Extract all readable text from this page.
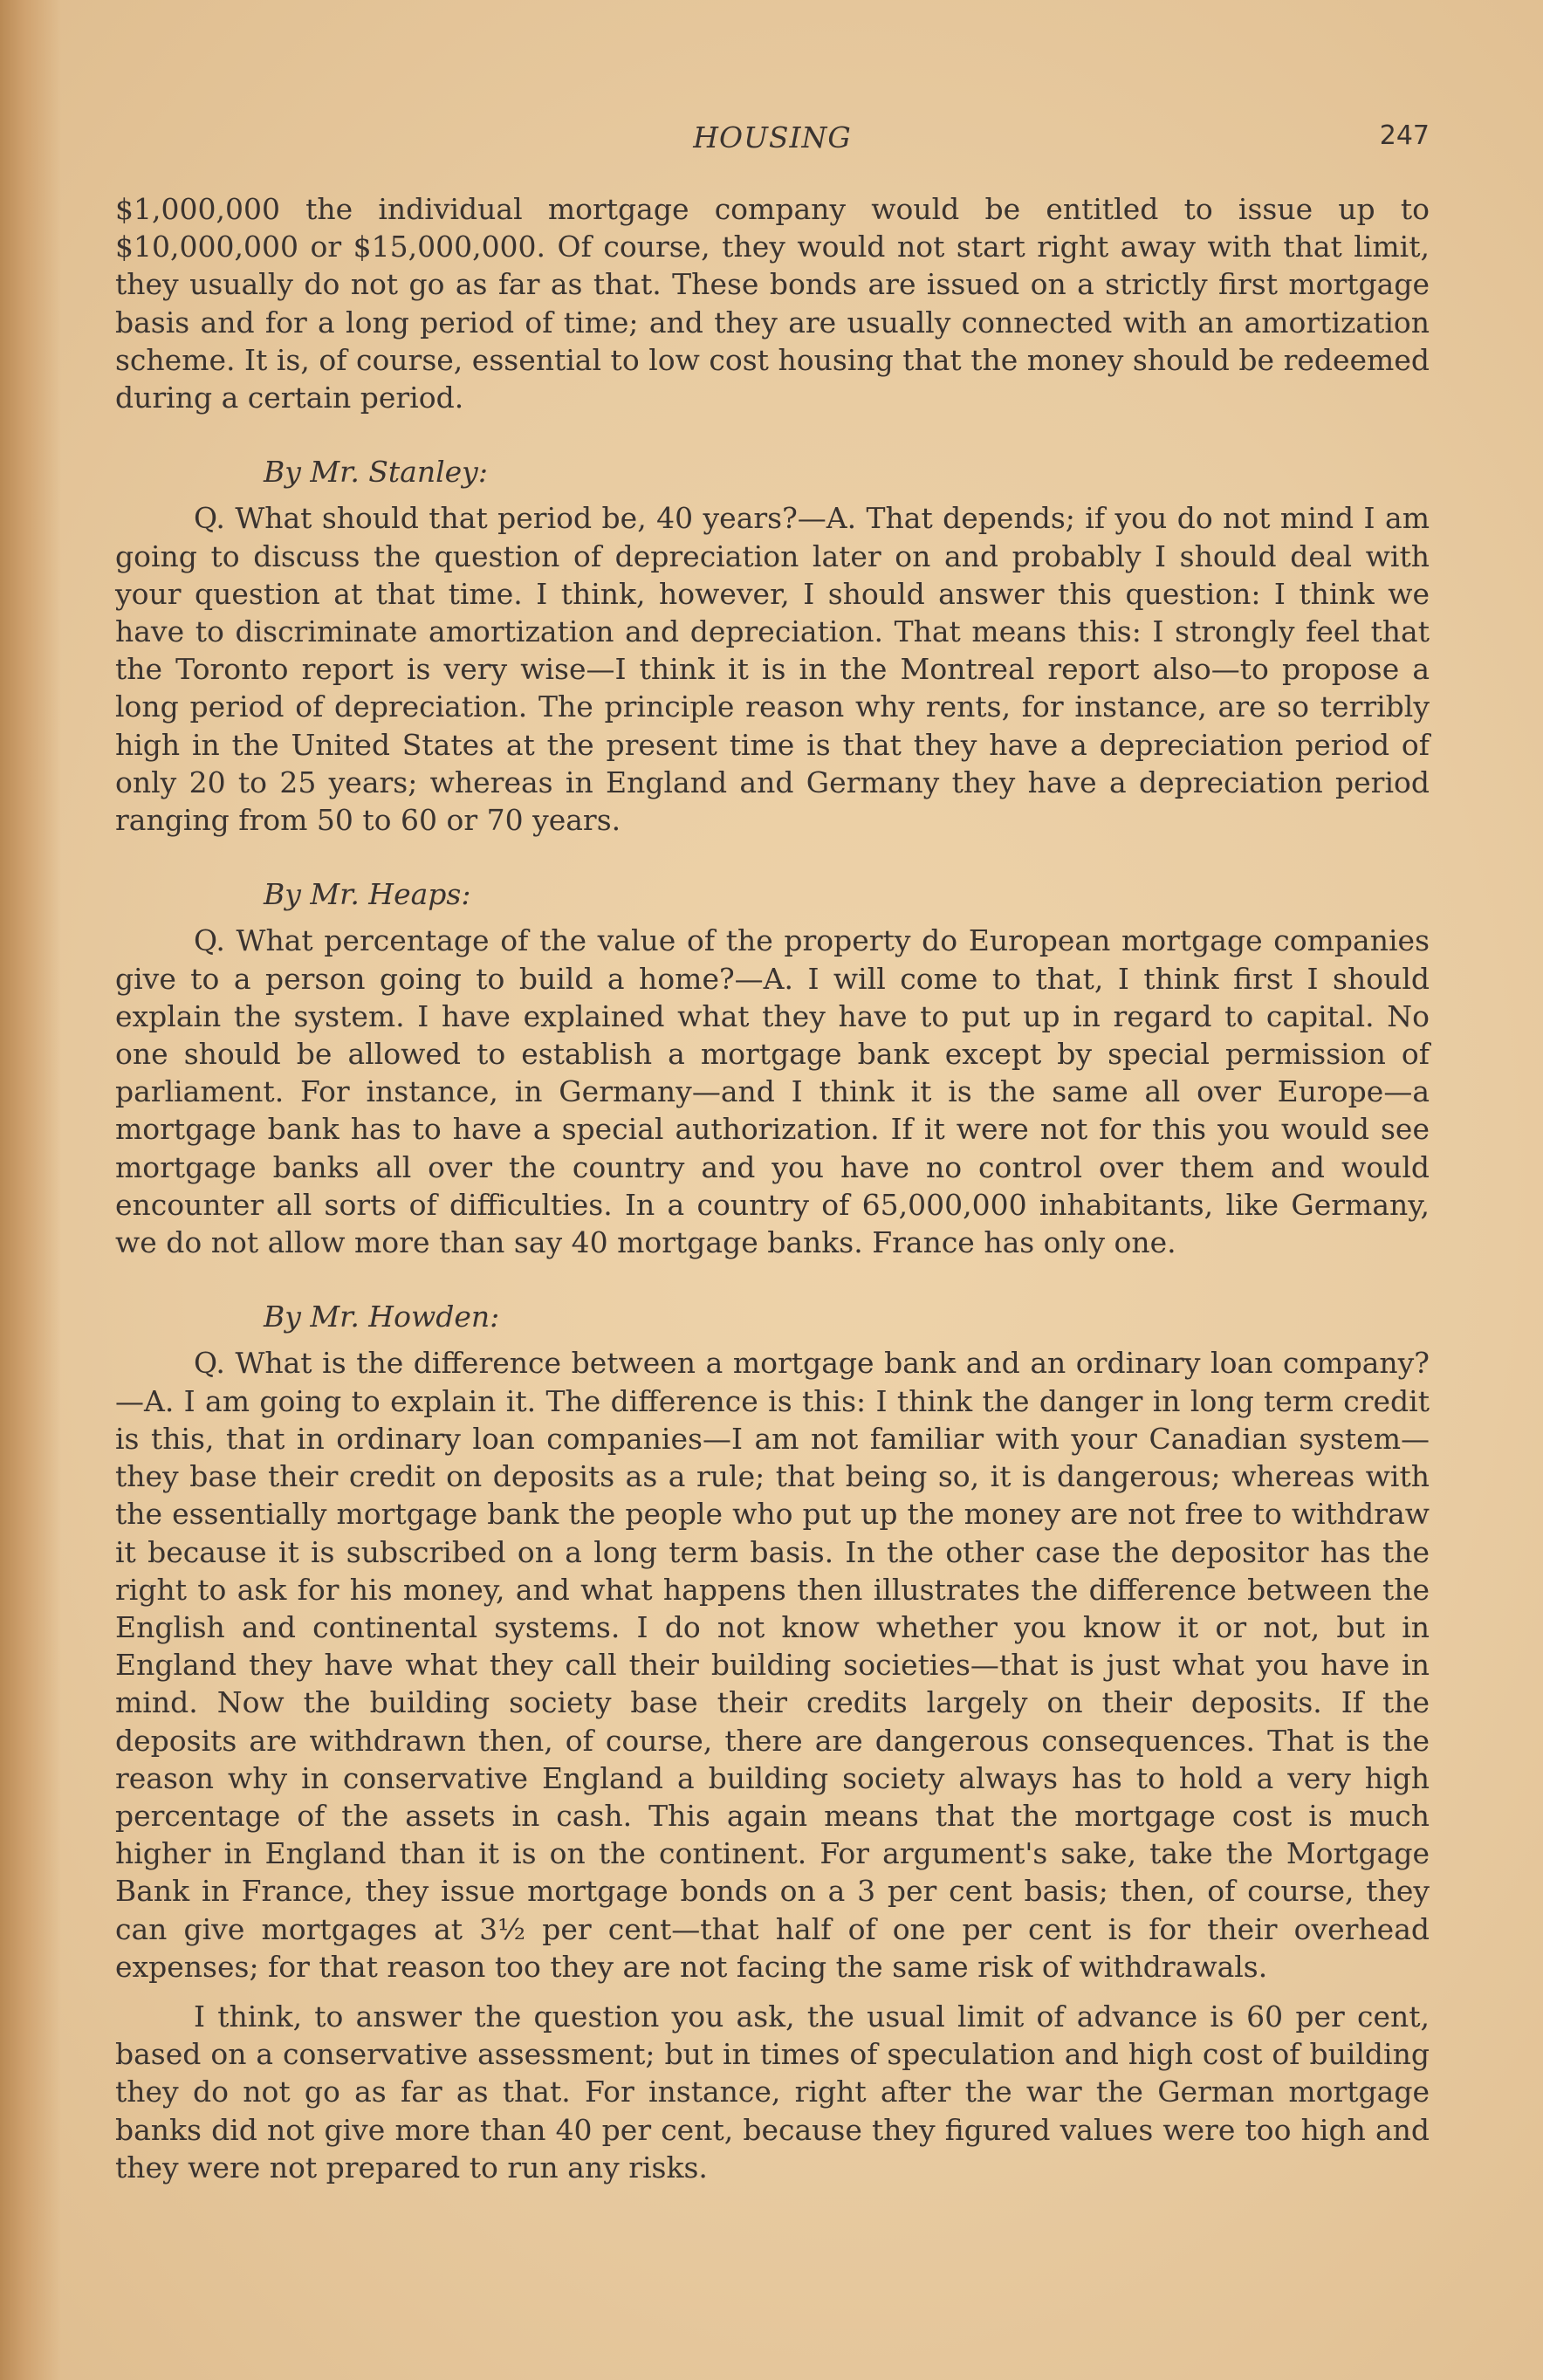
HOUSING	247

$1,000,000 the individual mortgage company would be entitled to issue up to $10,000,000 or $15,000,000. Of course, they would not start right away with that limit, they usually do not go as far as that. These bonds are issued on a strictly first mortgage basis and for a long period of time; and they are usually connected with an amortization scheme. It is, of course, essential to low cost housing that the money should be redeemed during a certain period.

By Mr. Stanley:

Q. What should that period be, 40 years?—A. That depends; if you do not mind I am going to discuss the question of depreciation later on and probably I should deal with your question at that time. I think, however, I should answer this question: I think we have to discriminate amortization and depreciation. That means this: I strongly feel that the Toronto report is very wise—I think it is in the Montreal report also—to propose a long period of depreciation. The principle reason why rents, for instance, are so terribly high in the United States at the present time is that they have a depreciation period of only 20 to 25 years; whereas in England and Germany they have a depreciation period ranging from 50 to 60 or 70 years.

By Mr. Heaps:

Q. What percentage of the value of the property do European mortgage companies give to a person going to build a home?—A. I will come to that, I think first I should explain the system. I have explained what they have to put up in regard to capital. No one should be allowed to establish a mortgage bank except by special permission of parliament. For instance, in Germany—and I think it is the same all over Europe—a mortgage bank has to have a special authorization. If it were not for this you would see mortgage banks all over the country and you have no control over them and would encounter all sorts of difficulties. In a country of 65,000,000 inhabitants, like Germany, we do not allow more than say 40 mortgage banks. France has only one.

By Mr. Howden:

Q. What is the difference between a mortgage bank and an ordinary loan company?—A. I am going to explain it. The difference is this: I think the danger in long term credit is this, that in ordinary loan companies—I am not familiar with your Canadian system—they base their credit on deposits as a rule; that being so, it is dangerous; whereas with the essentially mortgage bank the people who put up the money are not free to withdraw it because it is subscribed on a long term basis. In the other case the depositor has the right to ask for his money, and what happens then illustrates the difference between the English and continental systems. I do not know whether you know it or not, but in England they have what they call their building societies—that is just what you have in mind. Now the building society base their credits largely on their deposits. If the deposits are withdrawn then, of course, there are dangerous consequences. That is the reason why in conservative England a building society always has to hold a very high percentage of the assets in cash. This again means that the mortgage cost is much higher in England than it is on the continent. For argument's sake, take the Mortgage Bank in France, they issue mortgage bonds on a 3 per cent basis; then, of course, they can give mortgages at 3½ per cent—that half of one per cent is for their overhead expenses; for that reason too they are not facing the same risk of withdrawals.

I think, to answer the question you ask, the usual limit of advance is 60 per cent, based on a conservative assessment; but in times of speculation and high cost of building they do not go as far as that. For instance, right after the war the German mortgage banks did not give more than 40 per cent, because they figured values were too high and they were not prepared to run any risks.
